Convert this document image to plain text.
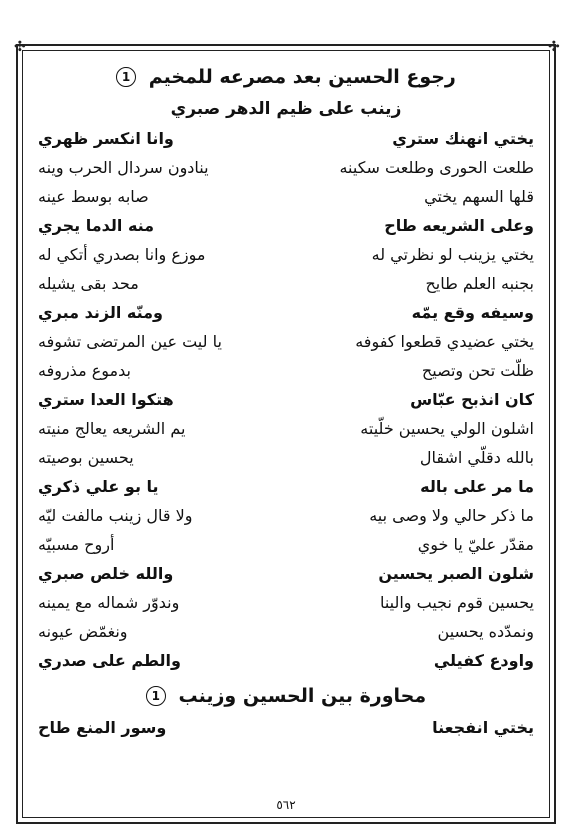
✣	✣
رجوع الحسين بعد مصرعه للمخيم 1
زينب على ظيم الدهر صبري
يختي انهنك ستري
وانا انكسر ظهري
طلعت الحورى وطلعت سكينه
ينادون سردال الحرب وينه
قلها السهم يختي
صابه بوسط عينه
وعلى الشريعه طاح
منه الدما يجري
يختي يزينب لو نظرتي له
موزع وانا بصدري أتكي له
بجنبه العلم طايح
محد بقى يشيله
وسيفه وقع يمّه
ومنّه الزند مبري
يختي عضيدي قطعوا كفوفه
يا ليت عين المرتضى تشوفه
ظلّت تحن وتصيح
بدموع مذروفه
كان انذبح عبّاس
هتكوا العدا ستري
اشلون الولي يحسين خلّيته
يم الشريعه يعالج منيته
بالله دقلّي اشقال
يحسين بوصيته
ما مر على باله
يا بو علي ذكري
ما ذكر حالي ولا وصى بيه
ولا قال زينب مالفت ليّه
مقدّر عليّ يا خوي
أروح مسبيّه
شلون الصبر يحسين
والله خلص صبري
يحسين قوم نجيب والينا
وندوّر شماله مع يمينه
ونمدّده يحسين
ونغمّض عيونه
واودع كفيلي
والطم على صدري
محاورة بين الحسين وزينب 1
يختي انفجعنا
وسور المنع طاح
٥٦٢
